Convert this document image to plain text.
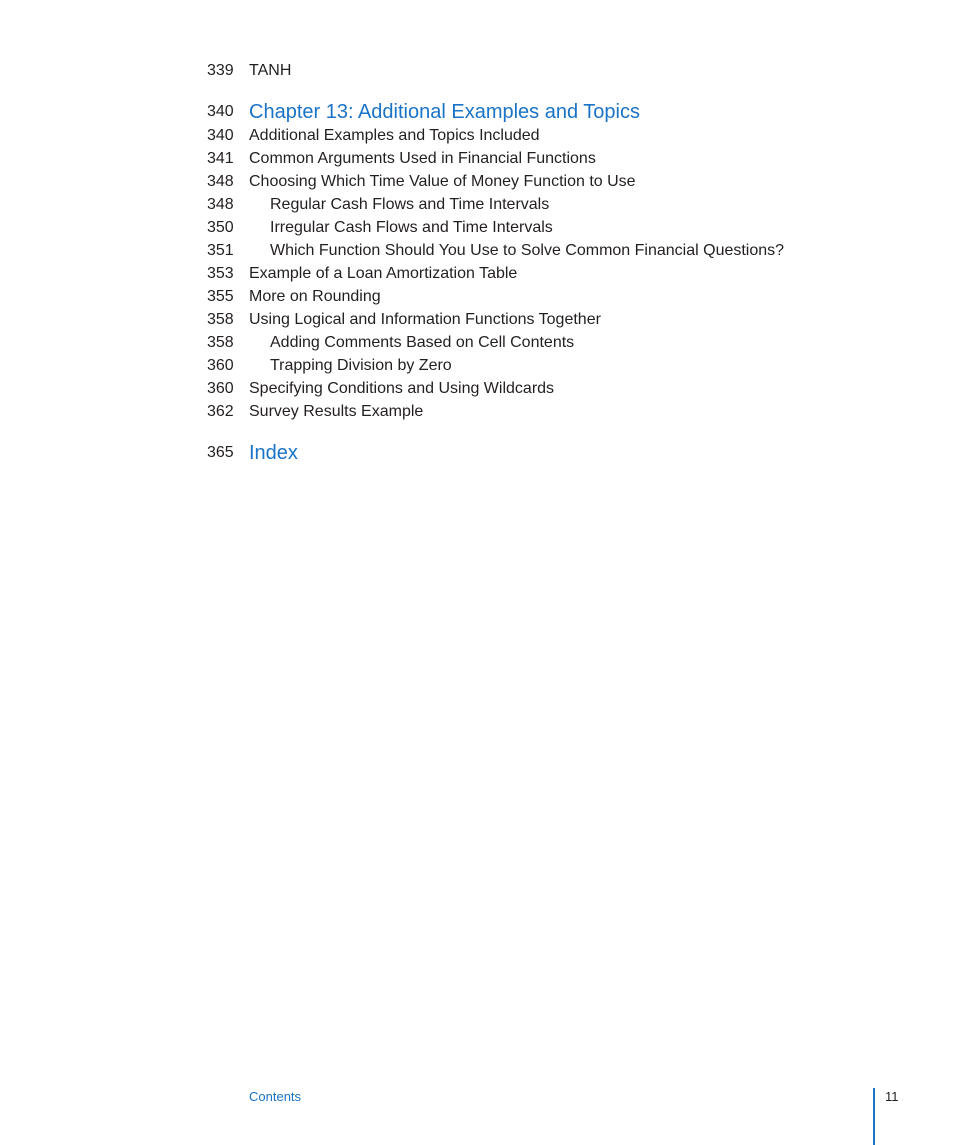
339 TANH
340 Chapter 13: Additional Examples and Topics
340 Additional Examples and Topics Included
341 Common Arguments Used in Financial Functions
348 Choosing Which Time Value of Money Function to Use
348 Regular Cash Flows and Time Intervals
350 Irregular Cash Flows and Time Intervals
351 Which Function Should You Use to Solve Common Financial Questions?
353 Example of a Loan Amortization Table
355 More on Rounding
358 Using Logical and Information Functions Together
358 Adding Comments Based on Cell Contents
360 Trapping Division by Zero
360 Specifying Conditions and Using Wildcards
362 Survey Results Example
365 Index
Contents	11
